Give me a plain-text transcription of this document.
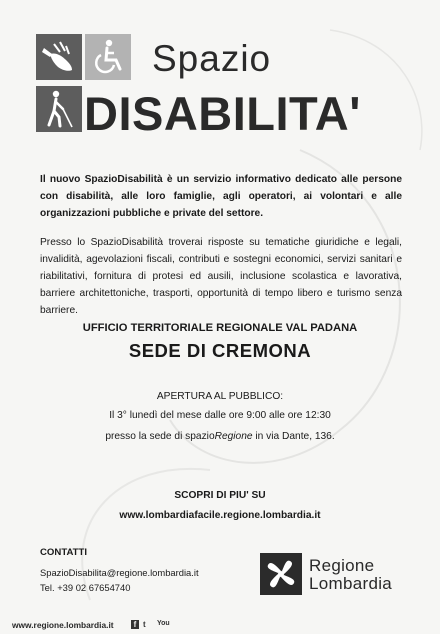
Spazio
DISABILITA'
Il nuovo SpazioDisabilità è un servizio informativo dedicato alle persone con disabilità, alle loro famiglie, agli operatori, ai volontari e alle organizzazioni pubbliche e private del settore.
Presso lo SpazioDisabilità troverai risposte su tematiche giuridiche e legali, invalidità, agevolazioni fiscali, contributi e sostegni economici, servizi sanitari e riabilitativi, fornitura di protesi ed ausili, inclusione scolastica e lavorativa, barriere architettoniche, trasporti, opportunità di tempo libero e turismo senza barriere.
UFFICIO TERRITORIALE REGIONALE VAL PADANA
SEDE DI CREMONA
APERTURA AL PUBBLICO:
Il 3° lunedì del mese dalle ore 9:00 alle ore 12:30
presso la sede di spazioRegione in via Dante, 136.
SCOPRI DI PIU' SU
www.lombardiafacile.regione.lombardia.it
CONTATTI
SpazioDisabilita@regione.lombardia.it
Tel. +39 02 67654740
Regione
Lombardia
www.regione.lombardia.it	f t You
